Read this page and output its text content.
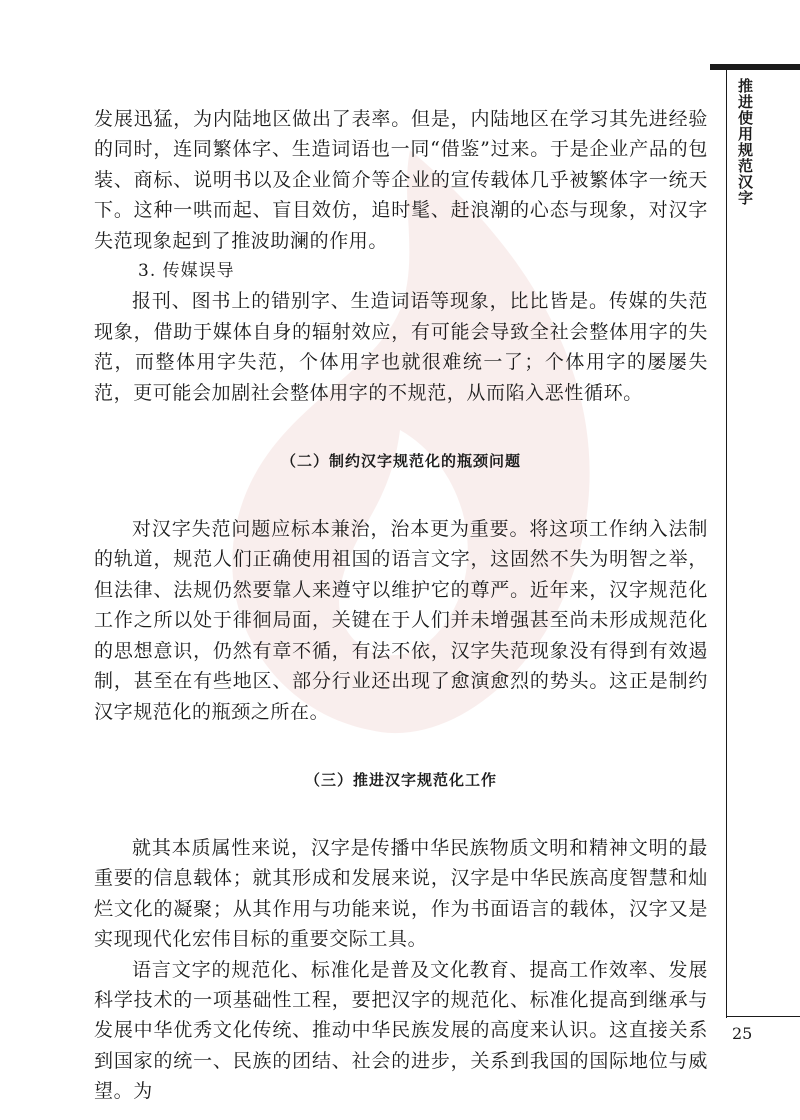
推进使用规范汉字
25

发展迅猛，为内陆地区做出了表率。但是，内陆地区在学习其先进经验的同时，连同繁体字、生造词语也一同“借鉴”过来。于是企业产品的包装、商标、说明书以及企业简介等企业的宣传载体几乎被繁体字一统天下。这种一哄而起、盲目效仿，追时髦、赶浪潮的心态与现象，对汉字失范现象起到了推波助澜的作用。

3. 传媒误导

报刊、图书上的错别字、生造词语等现象，比比皆是。传媒的失范现象，借助于媒体自身的辐射效应，有可能会导致全社会整体用字的失范，而整体用字失范，个体用字也就很难统一了；个体用字的屡屡失范，更可能会加剧社会整体用字的不规范，从而陷入恶性循环。

（二）制约汉字规范化的瓶颈问题

对汉字失范问题应标本兼治，治本更为重要。将这项工作纳入法制的轨道，规范人们正确使用祖国的语言文字，这固然不失为明智之举，但法律、法规仍然要靠人来遵守以维护它的尊严。近年来，汉字规范化工作之所以处于徘徊局面，关键在于人们并未增强甚至尚未形成规范化的思想意识，仍然有章不循，有法不依，汉字失范现象没有得到有效遏制，甚至在有些地区、部分行业还出现了愈演愈烈的势头。这正是制约汉字规范化的瓶颈之所在。

（三）推进汉字规范化工作

就其本质属性来说，汉字是传播中华民族物质文明和精神文明的最重要的信息载体；就其形成和发展来说，汉字是中华民族高度智慧和灿烂文化的凝聚；从其作用与功能来说，作为书面语言的载体，汉字又是实现现代化宏伟目标的重要交际工具。

语言文字的规范化、标准化是普及文化教育、提高工作效率、发展科学技术的一项基础性工程，要把汉字的规范化、标准化提高到继承与发展中华优秀文化传统、推动中华民族发展的高度来认识。这直接关系到国家的统一、民族的团结、社会的进步，关系到我国的国际地位与威望。为
